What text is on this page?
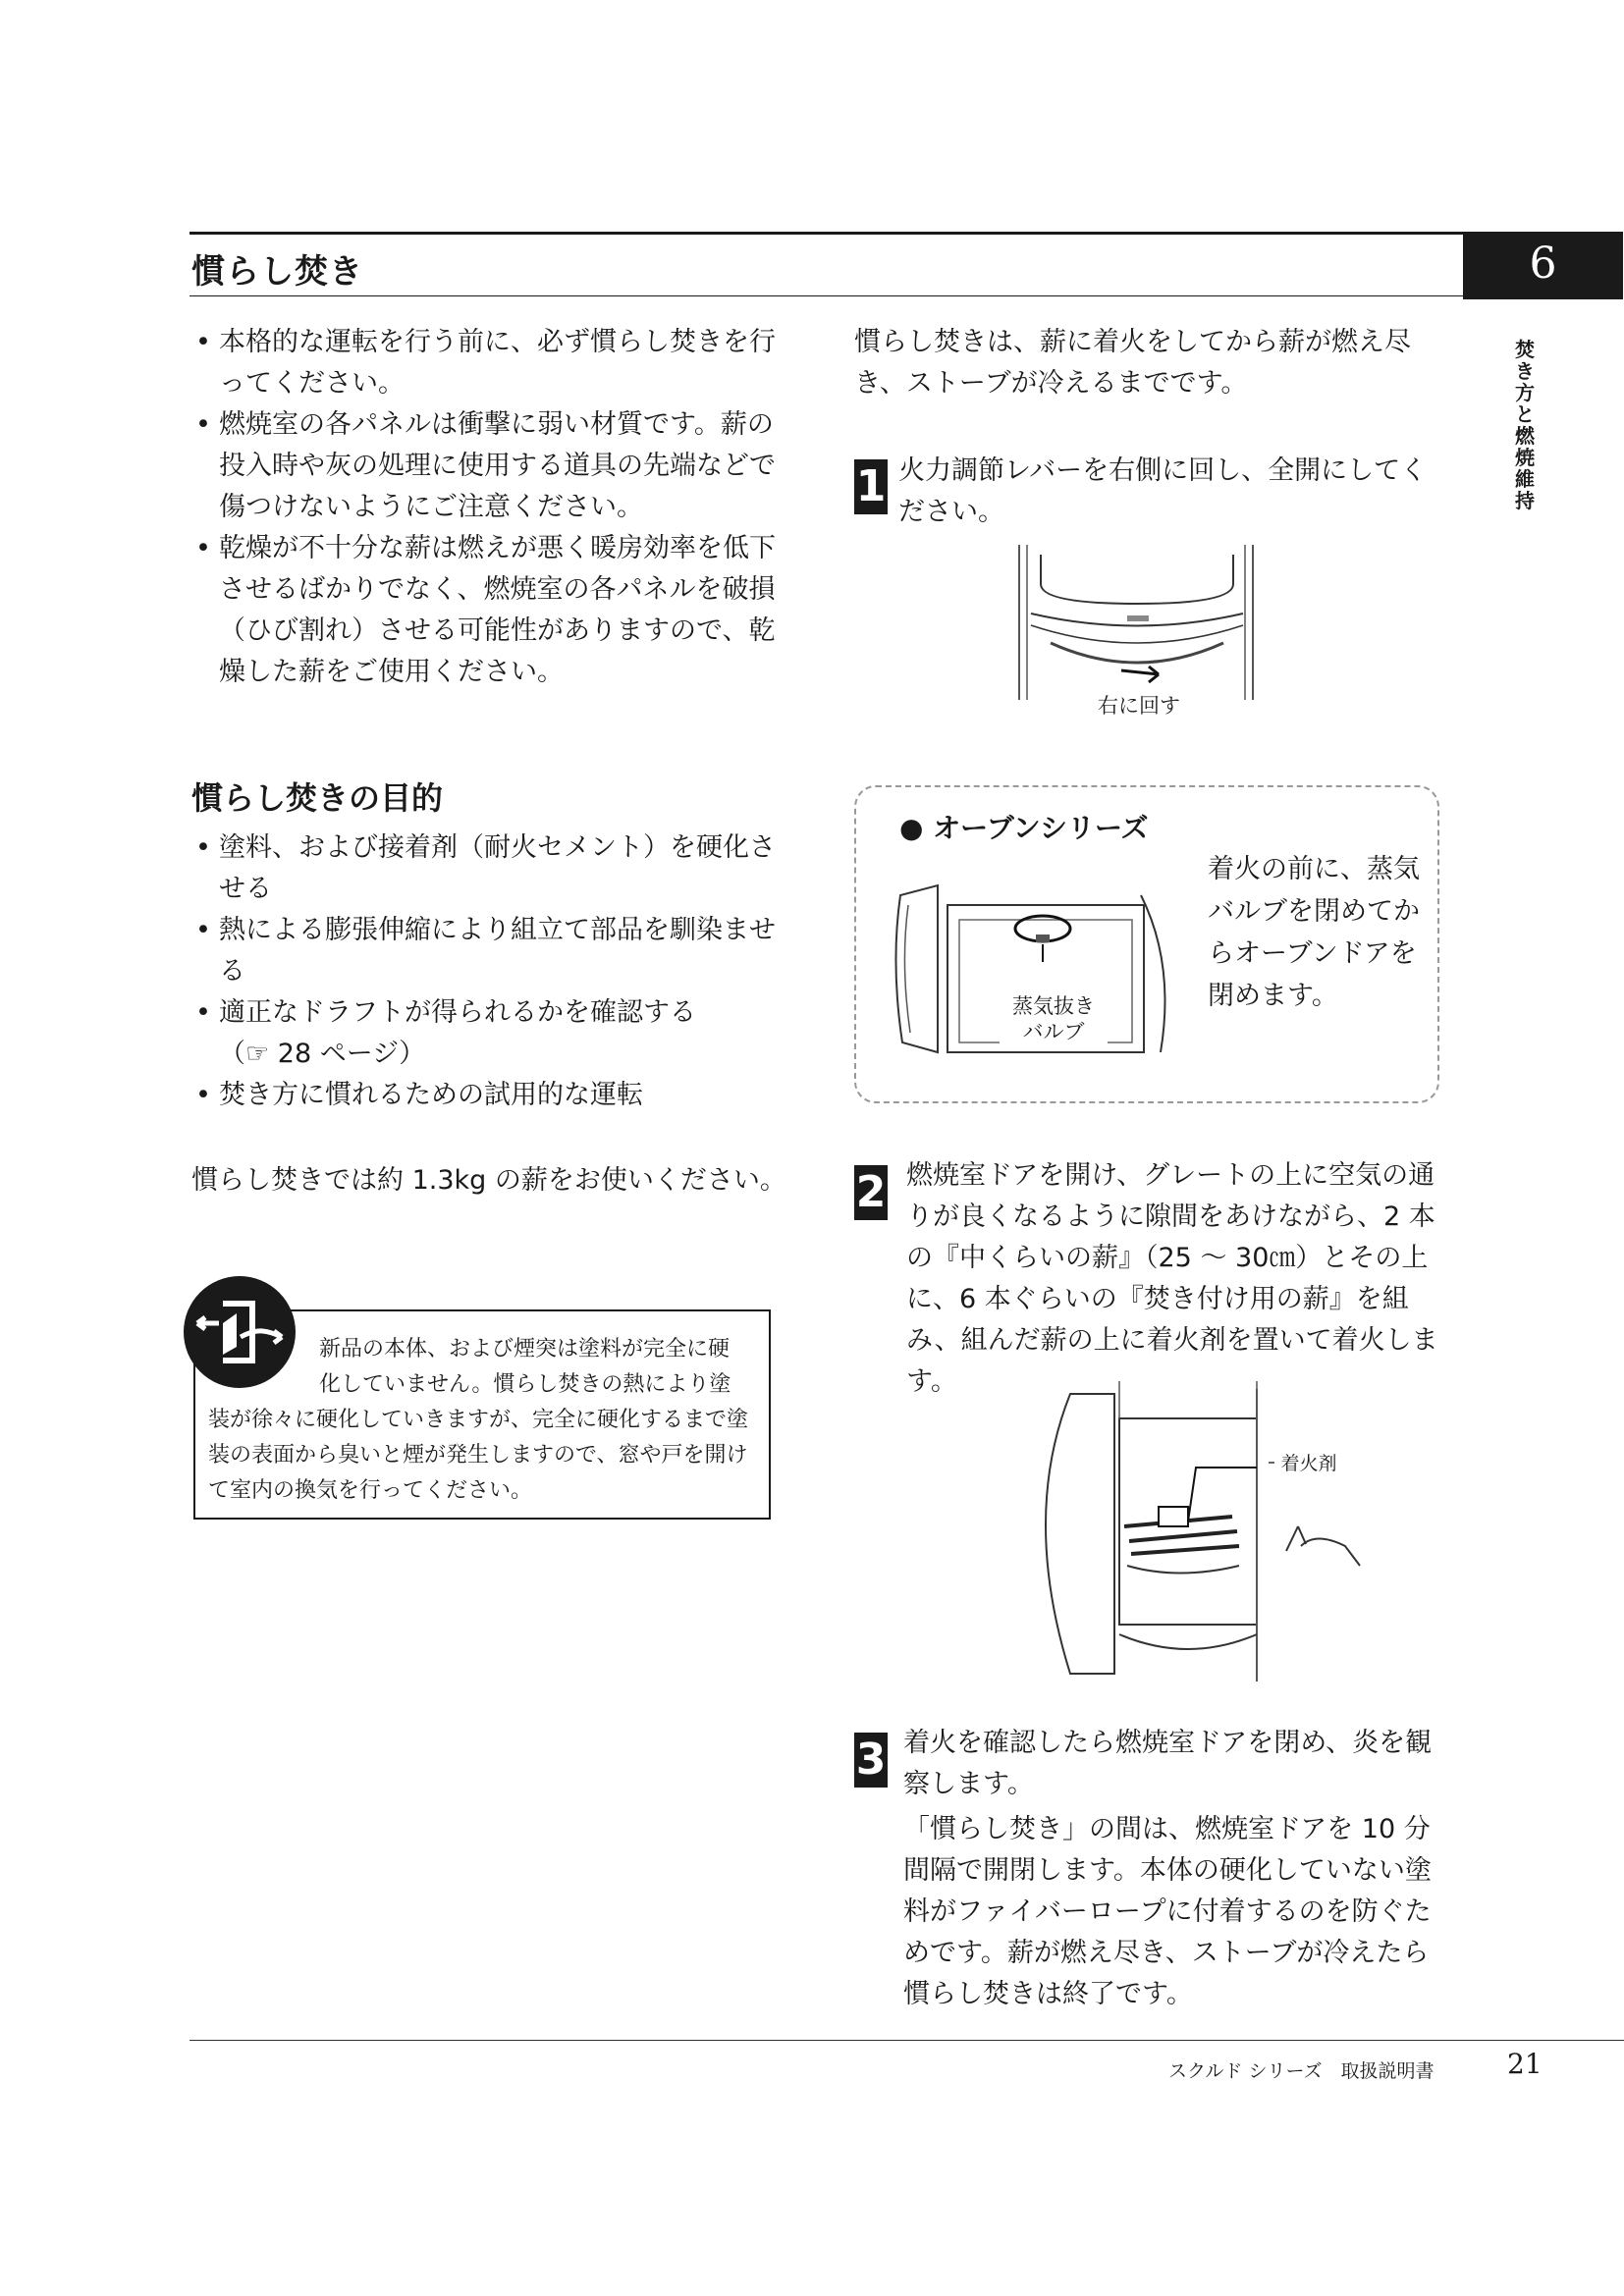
慣らし焚き	6
焚
き
方
と
燃
焼
維
持
• 本格的な運転を行う前に、必ず慣らし焚きを行ってください。
• 燃焼室の各パネルは衝撃に弱い材質です。薪の投入時や灰の処理に使用する道具の先端などで傷つけないようにご注意ください。
• 乾燥が不十分な薪は燃えが悪く暖房効率を低下させるばかりでなく、燃焼室の各パネルを破損（ひび割れ）させる可能性がありますので、乾燥した薪をご使用ください。
慣らし焚きの目的
• 塗料、および接着剤（耐火セメント）を硬化させる
• 熱による膨張伸縮により組立て部品を馴染ませる
• 適正なドラフトが得られるかを確認する（☞ 28 ページ）
• 焚き方に慣れるための試用的な運転
慣らし焚きでは約 1.3kg の薪をお使いください。
新品の本体、および煙突は塗料が完全に硬
化していません。慣らし焚きの熱により塗
装が徐々に硬化していきますが、完全に硬化するまで塗装の表面から臭いと煙が発生しますので、窓や戸を開けて室内の換気を行ってください。
慣らし焚きは、薪に着火をしてから薪が燃え尽き、ストーブが冷えるまでです。
1 火力調節レバーを右側に回し、全開にしてください。
右に回す
● オーブンシリーズ
着火の前に、蒸気バルブを閉めてからオーブンドアを閉めます。
蒸気抜き
バルブ
2 燃焼室ドアを開け、グレートの上に空気の通りが良くなるように隙間をあけながら、2 本の『中くらいの薪』（25 ～ 30㎝）とその上に、6 本ぐらいの『焚き付け用の薪』を組み、組んだ薪の上に着火剤を置いて着火します。
着火剤
3 着火を確認したら燃焼室ドアを閉め、炎を観察します。
「慣らし焚き」の間は、燃焼室ドアを 10 分間隔で開閉します。本体の硬化していない塗料がファイバーロープに付着するのを防ぐためです。薪が燃え尽き、ストーブが冷えたら慣らし焚きは終了です。
スクルド シリーズ　取扱説明書	21
